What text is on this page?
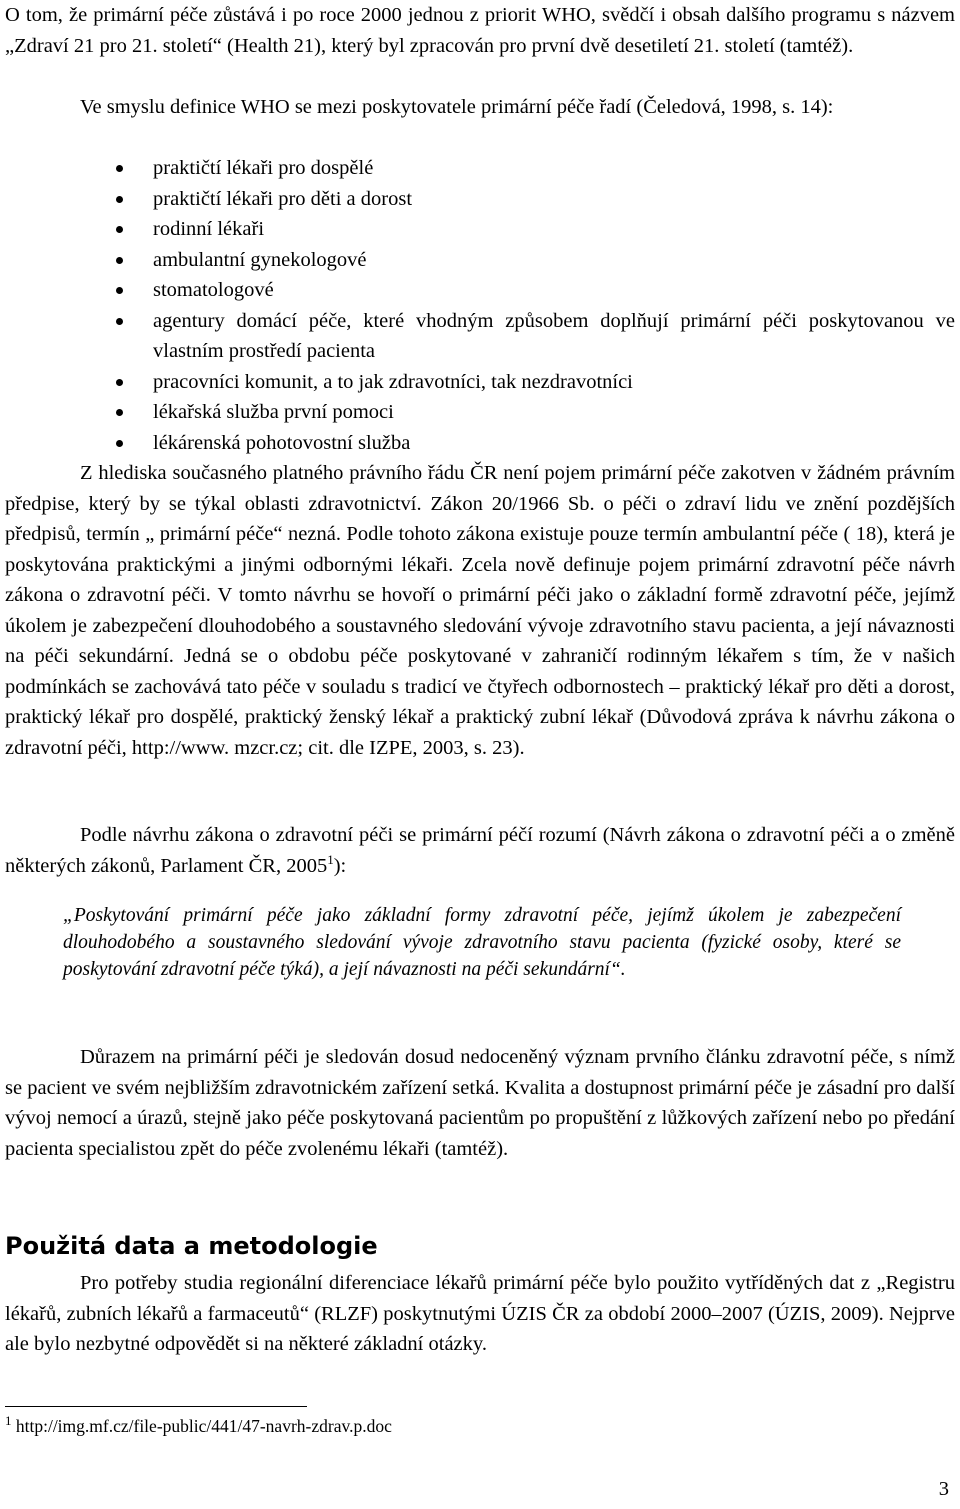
O tom, že primární péče zůstává i po roce 2000 jednou z priorit WHO, svědčí i obsah dalšího programu s názvem „Zdraví 21 pro 21. století“ (Health 21), který byl zpracován pro první dvě desetiletí 21. století (tamtéž).

Ve smyslu definice WHO se mezi poskytovatele primární péče řadí (Čeledová, 1998, s. 14):

praktičtí lékaři pro dospělé
praktičtí lékaři pro děti a dorost
rodinní lékaři
ambulantní gynekologové
stomatologové
agentury domácí péče, které vhodným způsobem doplňují primární péči poskytovanou ve vlastním prostředí pacienta
pracovníci komunit, a to jak zdravotníci, tak nezdravotníci
lékařská služba první pomoci
lékárenská pohotovostní služba

Z hlediska současného platného právního řádu ČR není pojem primární péče zakotven v žádném právním předpise, který by se týkal oblasti zdravotnictví. Zákon 20/1966 Sb. o péči o zdraví lidu ve znění pozdějších předpisů, termín „ primární péče“ nezná. Podle tohoto zákona existuje pouze termín ambulantní péče ( 18), která je poskytována praktickými a jinými odbornými lékaři. Zcela nově definuje pojem primární zdravotní péče návrh zákona o zdravotní péči. V tomto návrhu se hovoří o primární péči jako o základní formě zdravotní péče, jejímž úkolem je zabezpečení dlouhodobého a soustavného sledování vývoje zdravotního stavu pacienta, a její návaznosti na péči sekundární. Jedná se o obdobu péče poskytované v zahraničí rodinným lékařem s tím, že v našich podmínkách se zachovává tato péče v souladu s tradicí ve čtyřech odbornostech – praktický lékař pro děti a dorost, praktický lékař pro dospělé, praktický ženský lékař a praktický zubní lékař (Důvodová zpráva k návrhu zákona o zdravotní péči, http://www. mzcr.cz; cit. dle IZPE, 2003, s. 23).

Podle návrhu zákona o zdravotní péči se primární péčí rozumí (Návrh zákona o zdravotní péči a o změně některých zákonů, Parlament ČR, 2005$^1$):

„Poskytování primární péče jako základní formy zdravotní péče, jejímž úkolem je zabezpečení dlouhodobého a soustavného sledování vývoje zdravotního stavu pacienta (fyzické osoby, které se poskytování zdravotní péče týká), a její návaznosti na péči sekundární“.

Důrazem na primární péči je sledován dosud nedoceněný význam prvního článku zdravotní péče, s nímž se pacient ve svém nejbližším zdravotnickém zařízení setká. Kvalita a dostupnost primární péče je zásadní pro další vývoj nemocí a úrazů, stejně jako péče poskytovaná pacientům po propuštění z lůžkových zařízení nebo po předání pacienta specialistou zpět do péče zvolenému lékaři (tamtéž).

Použitá data a metodologie

Pro potřeby studia regionální diferenciace lékařů primární péče bylo použito vytříděných dat z „Registru lékařů, zubních lékařů a farmaceutů“ (RLZF) poskytnutými ÚZIS ČR za období 2000–2007 (ÚZIS, 2009). Nejprve ale bylo nezbytné odpovědět si na některé základní otázky.

$^1$ http://img.mf.cz/file-public/441/47-navrh-zdrav.p.doc
3
